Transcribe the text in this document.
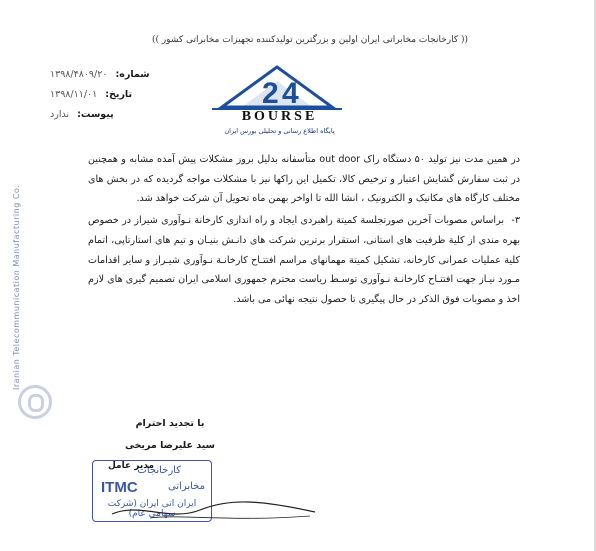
(( کارخانجات مخابراتی ایران اولین و بزرگترین تولیدکننده تجهیزات مخابراتی کشور ))
شماره:
۱۳۹۸/۴۸۰۹/۲۰
تاریخ:
۱۳۹۸/۱۱/۰۱
پیوست:
ندارد
2 4
BOURSE
پایگاه اطلاع رسانی و تحلیلی بورس ایران
Iranian Telecommunication Manufacturing Co.

در همین مدت نیز تولید ۵۰ دستگاه راک out door متأسفانه بدلیل بروز مشکلات پیش آمده مشابه و همچنین در ثبت سفارش گشایش اعتبار و ترخیص کالا، تکمیل این راکها نیز با مشکلات مواجه گردیده که در بخش های مختلف کارگاه های مکانیک و الکترونیک ، انشا الله تا اواخر بهمن ماه تحویل آن شرکت خواهد شد.

۳- براساس مصوبات آخرین صورتجلسة کمیتة راهبردی ایجاد و راه اندازی کارخانة نـوآوری شیراز در خصوص بهره مندی از کلیة ظرفیت های استانی، استقرار برترین شرکت های دانـش بنیـان و تیم های استارتاپی، اتمام کلیة عملیات عمرانی کارخانه، تشکیل کمیتة مهمانهای مراسم افتتـاح کارخانـة نـوآوری شیـراز و سایر اقدامات مـورد نیـاز جهت افتتـاح کارخانـة نـوآوری توسـط ریاست محترم جمهوری اسلامی ایران تصمیم گیری های لازم اخذ و مصوبات فوق الذکر در حال پیگیری تا حصول نتیجه نهائی می باشد.

با تجدید احترام
سید علیرضا مریخی
کارخانجات
ITMC	مخابراتی
ایران اتی ایران (شرکت سهامی عام)
مدیر عامل
